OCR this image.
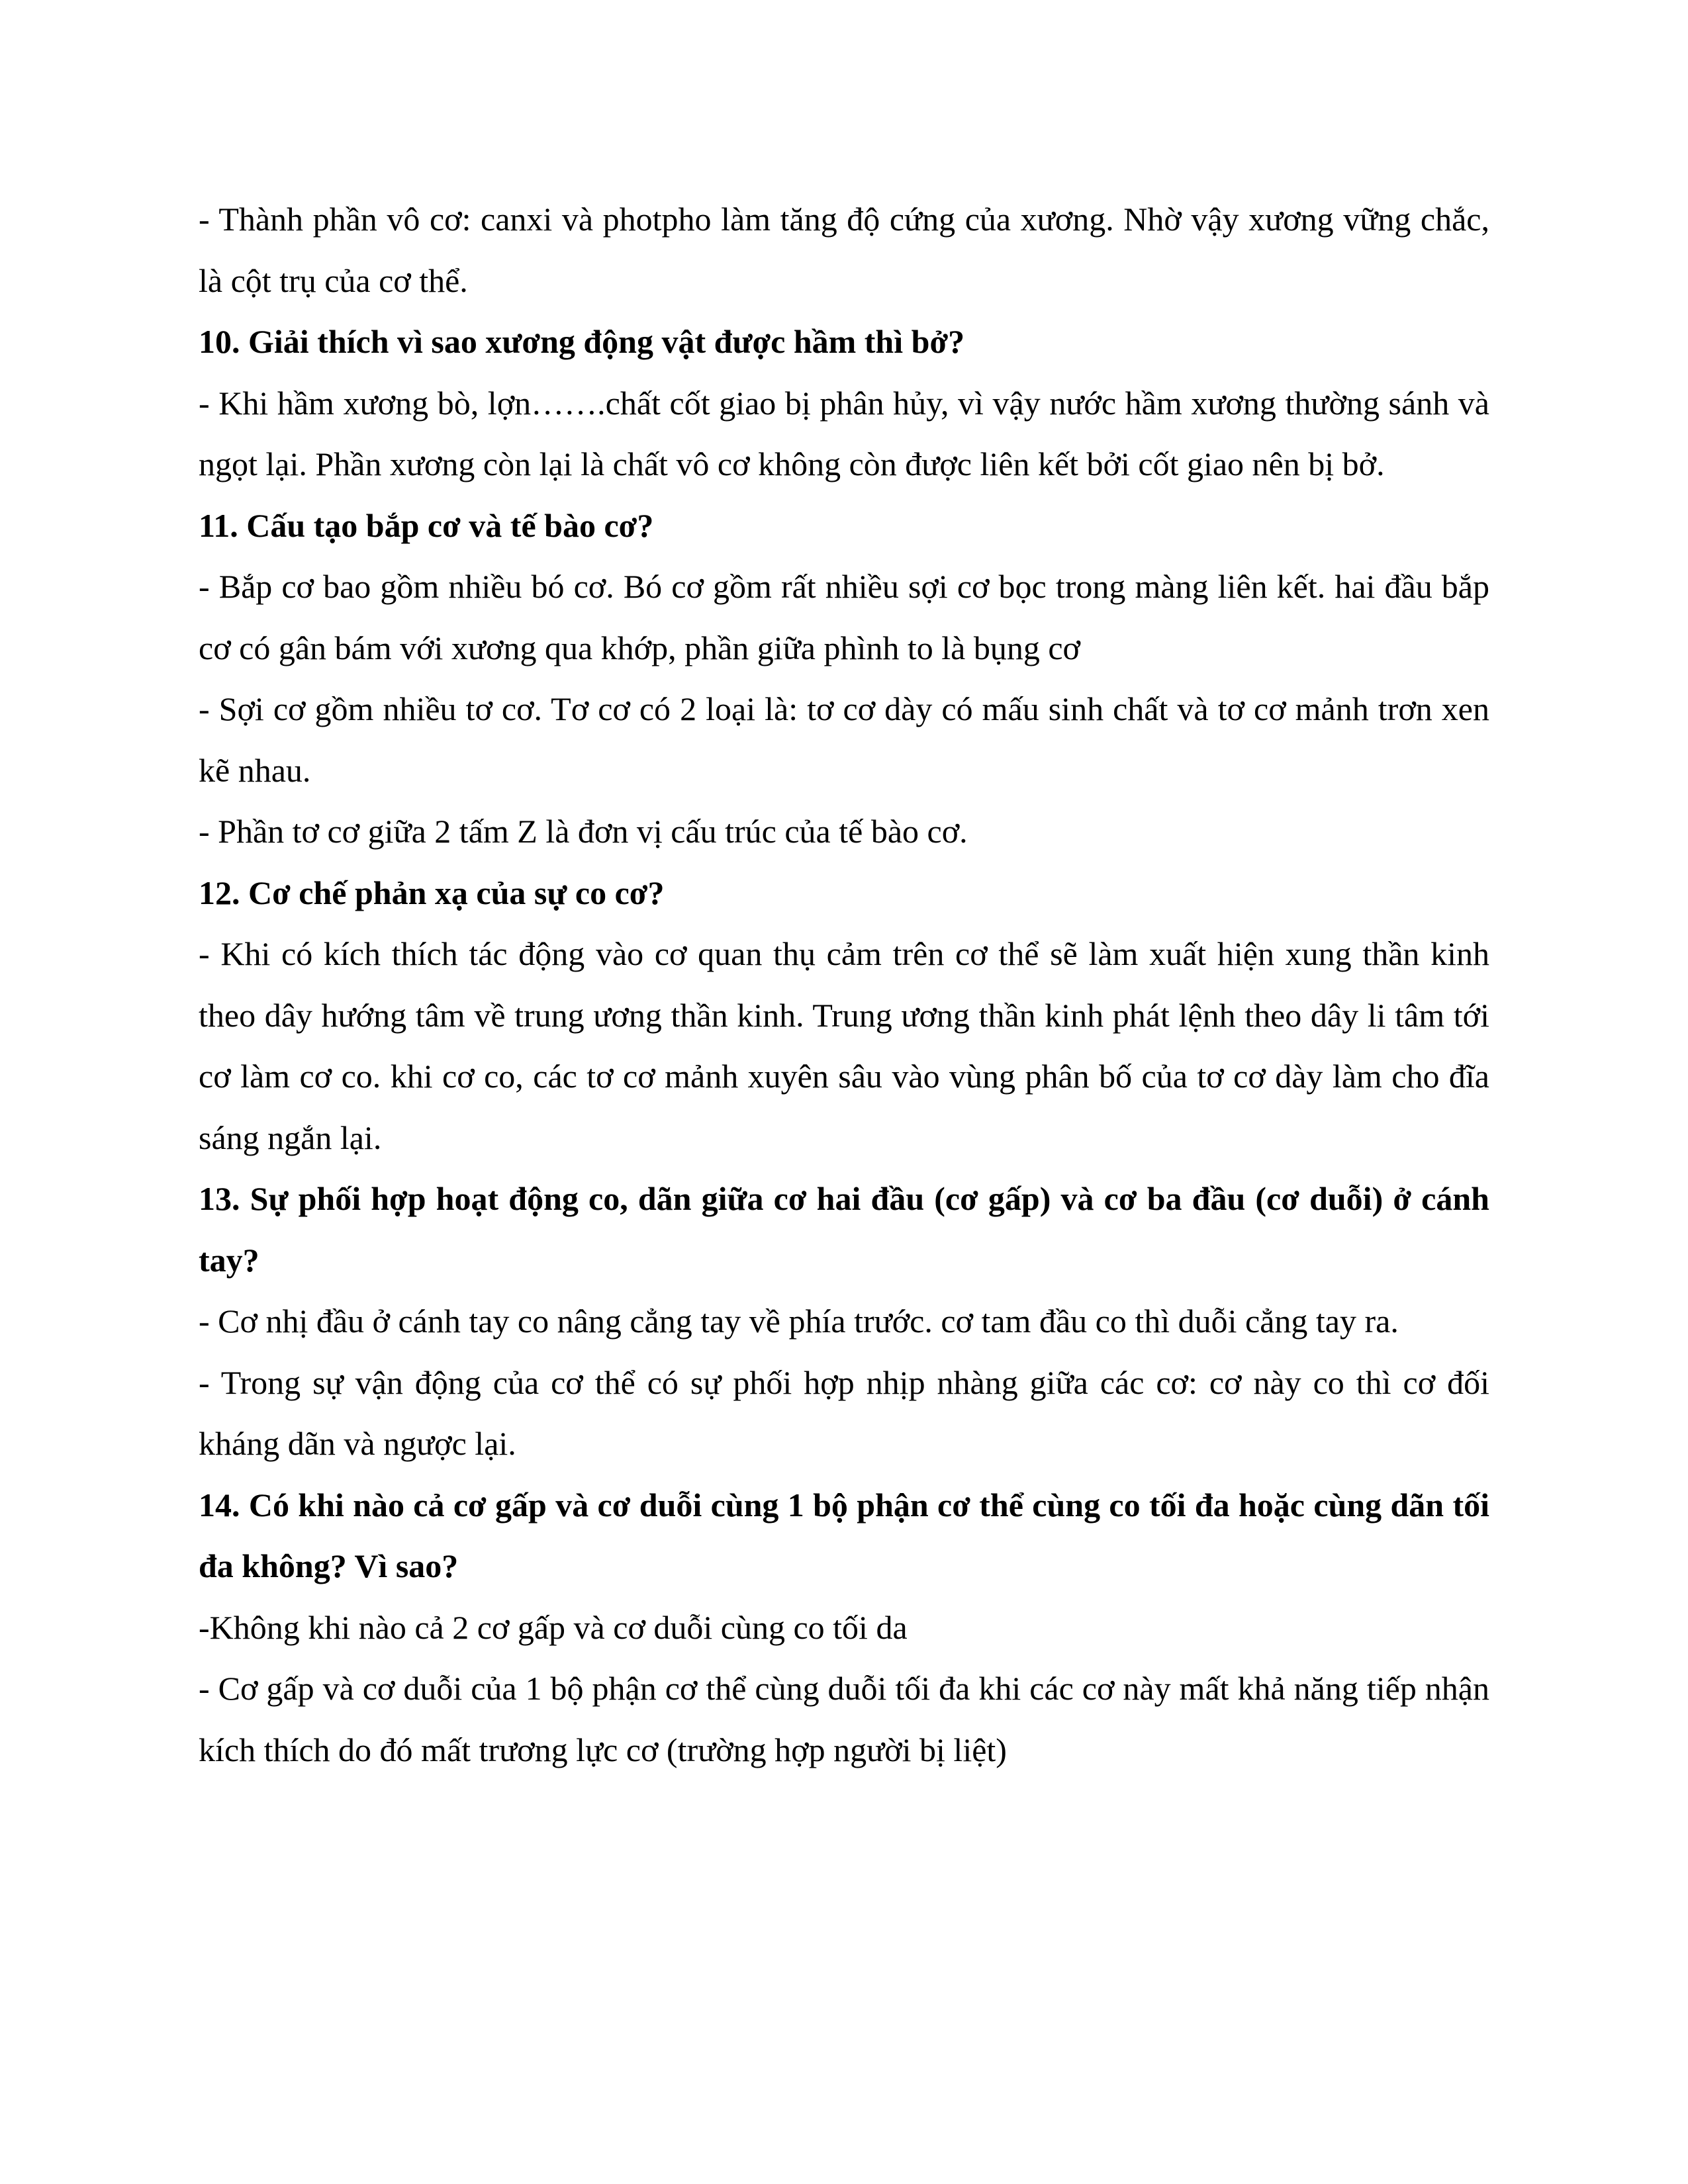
- Thành phần vô cơ: canxi và photpho làm tăng độ cứng của xương. Nhờ vậy xương vững chắc, là cột trụ của cơ thể.

10. Giải thích vì sao xương động vật được hầm thì bở?

- Khi hầm xương bò, lợn…….chất cốt giao bị phân hủy, vì vậy nước hầm xương thường sánh và ngọt lại. Phần xương còn lại là chất vô cơ không còn được liên kết bởi cốt giao nên bị bở.

11. Cấu tạo bắp cơ và tế bào cơ?

- Bắp cơ bao gồm nhiều bó cơ. Bó cơ gồm rất nhiều sợi cơ bọc trong màng liên kết. hai đầu bắp cơ có gân bám với xương qua khớp, phần giữa phình to là bụng cơ

- Sợi cơ gồm nhiều tơ cơ. Tơ cơ có 2 loại là: tơ cơ dày có mấu sinh chất và tơ cơ mảnh trơn xen kẽ nhau.

- Phần tơ cơ giữa 2 tấm Z là đơn vị cấu trúc của tế bào cơ.

12. Cơ chế phản xạ của sự co cơ?

- Khi có kích thích tác động vào cơ quan thụ cảm trên cơ thể sẽ làm xuất hiện xung thần kinh theo dây hướng tâm về trung ương thần kinh. Trung ương thần kinh phát lệnh theo dây li tâm tới cơ làm cơ co. khi cơ co, các tơ cơ mảnh xuyên sâu vào vùng phân bố của tơ cơ dày làm cho đĩa sáng ngắn lại.

13. Sự phối hợp hoạt động co, dãn giữa cơ hai đầu (cơ gấp) và cơ ba đầu (cơ duỗi) ở cánh tay?

- Cơ nhị đầu ở cánh tay co nâng cẳng tay về phía trước. cơ tam đầu co thì duỗi cẳng tay ra.

- Trong sự vận động của cơ thể có sự phối hợp nhịp nhàng giữa các cơ: cơ này co thì cơ đối kháng dãn và ngược lại.

14. Có khi nào cả cơ gấp và cơ duỗi cùng 1 bộ phận cơ thể cùng co tối đa hoặc cùng dãn tối đa không? Vì sao?

-Không khi nào cả 2 cơ gấp và cơ duỗi cùng co tối da

- Cơ gấp và cơ duỗi của 1 bộ phận cơ thể cùng duỗi tối đa khi các cơ này mất khả năng tiếp nhận kích thích do đó mất trương lực cơ (trường hợp người bị liệt)
